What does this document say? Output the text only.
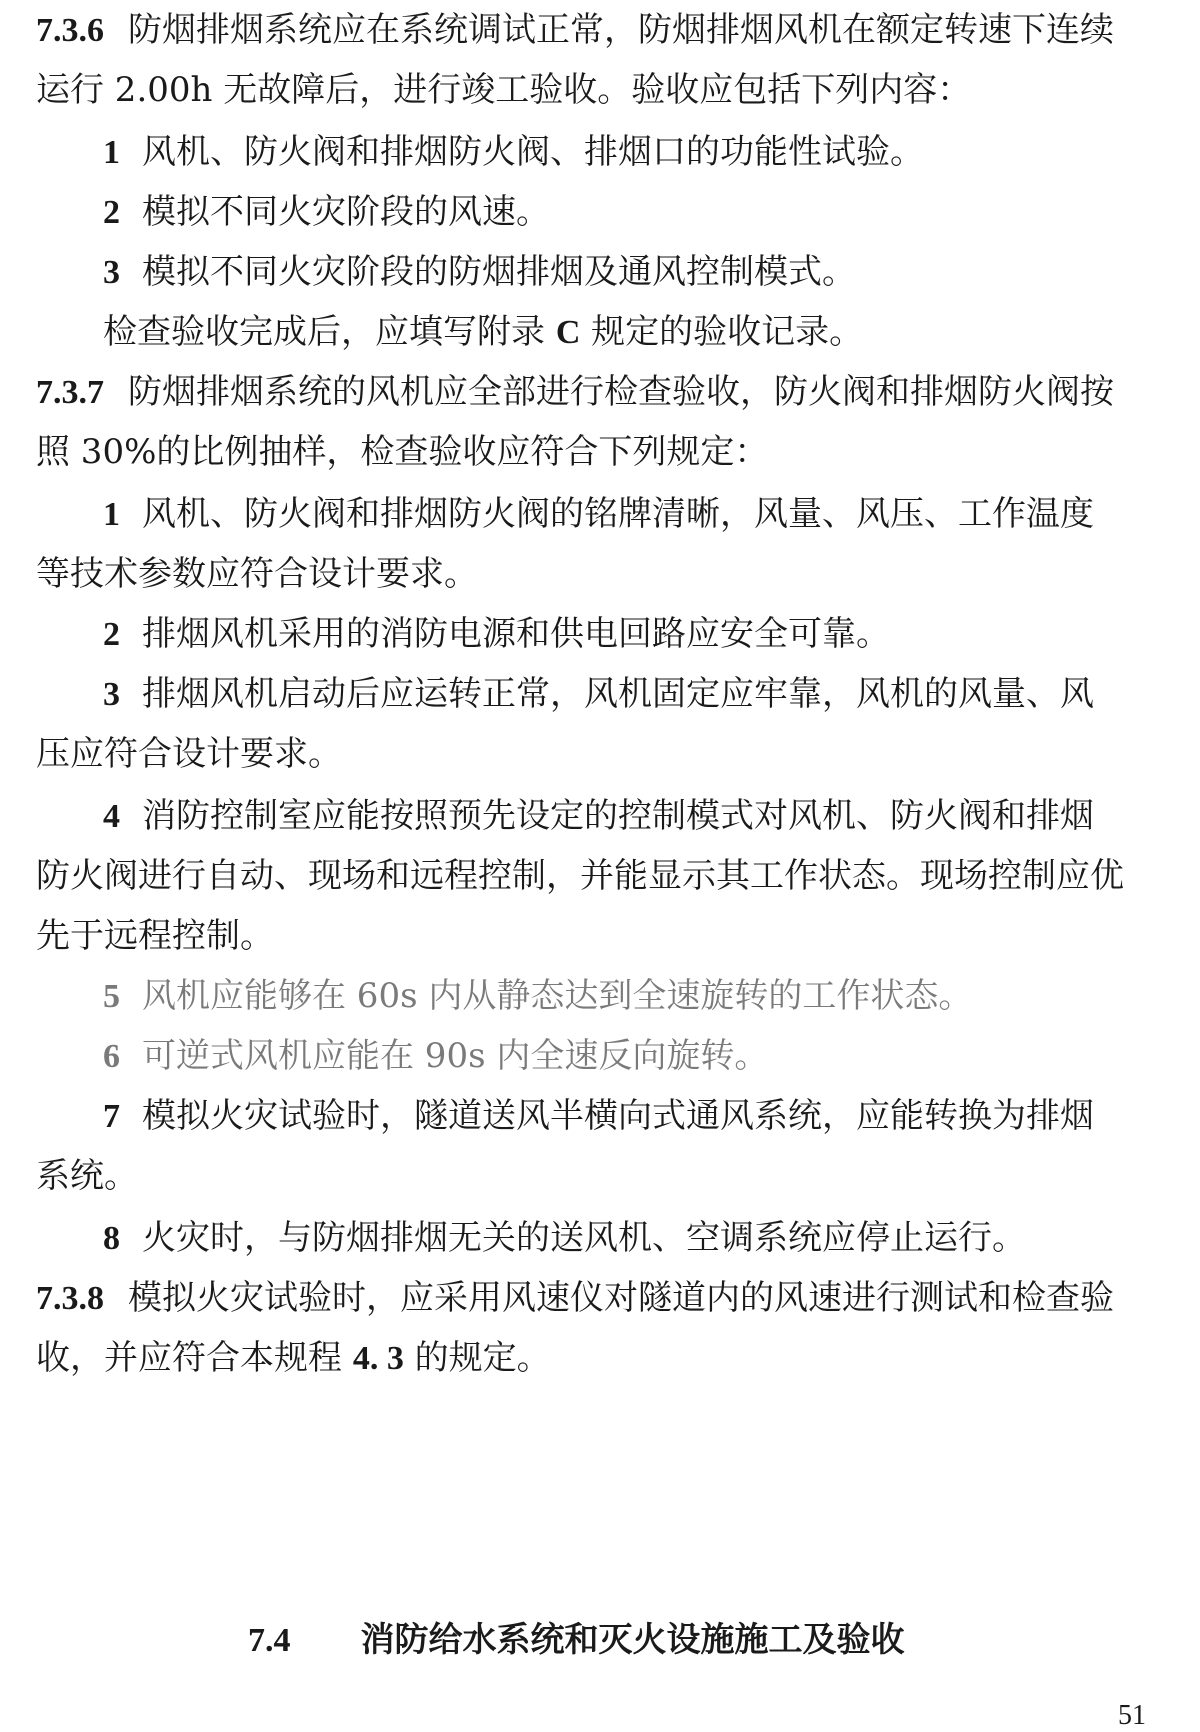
7.3.6 防烟排烟系统应在系统调试正常，防烟排烟风机在额定转速下连续
运行 2.00h 无故障后，进行竣工验收。验收应包括下列内容：
1 风机、防火阀和排烟防火阀、排烟口的功能性试验。
2 模拟不同火灾阶段的风速。
3 模拟不同火灾阶段的防烟排烟及通风控制模式。
检查验收完成后，应填写附录 C 规定的验收记录。
7.3.7 防烟排烟系统的风机应全部进行检查验收，防火阀和排烟防火阀按
照 30%的比例抽样，检查验收应符合下列规定：
1 风机、防火阀和排烟防火阀的铭牌清晰，风量、风压、工作温度
等技术参数应符合设计要求。
2 排烟风机采用的消防电源和供电回路应安全可靠。
3 排烟风机启动后应运转正常，风机固定应牢靠，风机的风量、风
压应符合设计要求。
4 消防控制室应能按照预先设定的控制模式对风机、防火阀和排烟
防火阀进行自动、现场和远程控制，并能显示其工作状态。现场控制应优
先于远程控制。
5 风机应能够在 60s 内从静态达到全速旋转的工作状态。
6 可逆式风机应能在 90s 内全速反向旋转。
7 模拟火灾试验时，隧道送风半横向式通风系统，应能转换为排烟
系统。
8 火灾时，与防烟排烟无关的送风机、空调系统应停止运行。
7.3.8 模拟火灾试验时，应采用风速仪对隧道内的风速进行测试和检查验
收，并应符合本规程 4. 3 的规定。
7.4 消防给水系统和灭火设施施工及验收
51
